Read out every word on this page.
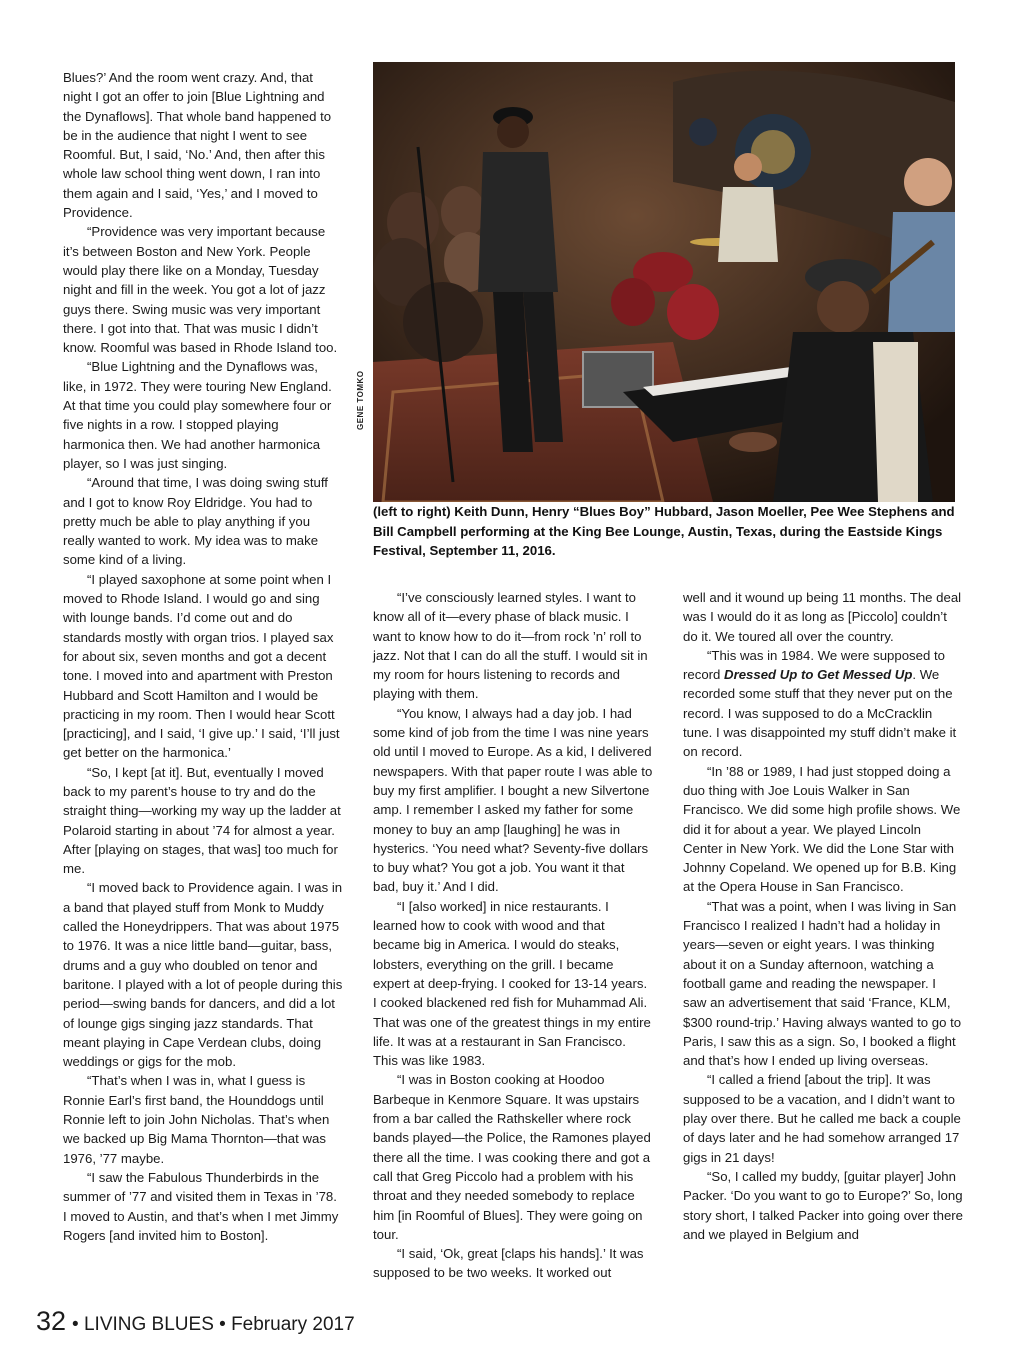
Blues?’ And the room went crazy. And, that night I got an offer to join [Blue Lightning and the Dynaflows]. That whole band happened to be in the audience that night I went to see Roomful. But, I said, ‘No.’ And, then after this whole law school thing went down, I ran into them again and I said, ‘Yes,’ and I moved to Providence.

“Providence was very important because it’s between Boston and New York. People would play there like on a Monday, Tuesday night and fill in the week. You got a lot of jazz guys there. Swing music was very important there. I got into that. That was music I didn’t know. Roomful was based in Rhode Island too.

“Blue Lightning and the Dynaflows was, like, in 1972. They were touring New England. At that time you could play somewhere four or five nights in a row. I stopped playing harmonica then. We had another harmonica player, so I was just singing.

“Around that time, I was doing swing stuff and I got to know Roy Eldridge. You had to pretty much be able to play anything if you really wanted to work. My idea was to make some kind of a living.

“I played saxophone at some point when I moved to Rhode Island. I would go and sing with lounge bands. I’d come out and do standards mostly with organ trios. I played sax for about six, seven months and got a decent tone. I moved into and apartment with Preston Hubbard and Scott Hamilton and I would be practicing in my room. Then I would hear Scott [practicing], and I said, ‘I give up.’ I said, ‘I’ll just get better on the harmonica.’

“So, I kept [at it]. But, eventually I moved back to my parent’s house to try and do the straight thing—working my way up the ladder at Polaroid starting in about ’74 for almost a year. After [playing on stages, that was] too much for me.

“I moved back to Providence again. I was in a band that played stuff from Monk to Muddy called the Honeydrippers. That was about 1975 to 1976. It was a nice little band—guitar, bass, drums and a guy who doubled on tenor and baritone. I played with a lot of people during this period—swing bands for dancers, and did a lot of lounge gigs singing jazz standards. That meant playing in Cape Verdean clubs, doing weddings or gigs for the mob.

“That’s when I was in, what I guess is Ronnie Earl’s first band, the Hounddogs until Ronnie left to join John Nicholas. That’s when we backed up Big Mama Thornton—that was 1976, ’77 maybe.

“I saw the Fabulous Thunderbirds in the summer of ’77 and visited them in Texas in ’78. I moved to Austin, and that’s when I met Jimmy Rogers [and invited him to Boston].

GENE TOMKO
(left to right) Keith Dunn, Henry “Blues Boy” Hubbard, Jason Moeller, Pee Wee Stephens and Bill Campbell performing at the King Bee Lounge, Austin, Texas, during the Eastside Kings Festival, September 11, 2016.

“I’ve consciously learned styles. I want to know all of it—every phase of black music. I want to know how to do it—from rock ’n’ roll to jazz. Not that I can do all the stuff. I would sit in my room for hours listening to records and playing with them.

“You know, I always had a day job. I had some kind of job from the time I was nine years old until I moved to Europe. As a kid, I delivered newspapers. With that paper route I was able to buy my first amplifier. I bought a new Silvertone amp. I remember I asked my father for some money to buy an amp [laughing] he was in hysterics. ‘You need what? Seventy-five dollars to buy what? You got a job. You want it that bad, buy it.’ And I did.

“I [also worked] in nice restaurants. I learned how to cook with wood and that became big in America. I would do steaks, lobsters, everything on the grill. I became expert at deep-frying. I cooked for 13-14 years. I cooked blackened red fish for Muhammad Ali. That was one of the greatest things in my entire life. It was at a restaurant in San Francisco. This was like 1983.

“I was in Boston cooking at Hoodoo Barbeque in Kenmore Square. It was upstairs from a bar called the Rathskeller where rock bands played—the Police, the Ramones played there all the time. I was cooking there and got a call that Greg Piccolo had a problem with his throat and they needed somebody to replace him [in Roomful of Blues]. They were going on tour.

“I said, ‘Ok, great [claps his hands].’ It was supposed to be two weeks. It worked out

well and it wound up being 11 months. The deal was I would do it as long as [Piccolo] couldn’t do it. We toured all over the country.

“This was in 1984. We were supposed to record Dressed Up to Get Messed Up. We recorded some stuff that they never put on the record. I was supposed to do a McCracklin tune. I was disappointed my stuff didn’t make it on record.

“In ’88 or 1989, I had just stopped doing a duo thing with Joe Louis Walker in San Francisco. We did some high profile shows. We did it for about a year. We played Lincoln Center in New York. We did the Lone Star with Johnny Copeland. We opened up for B.B. King at the Opera House in San Francisco.

“That was a point, when I was living in San Francisco I realized I hadn’t had a holiday in years—seven or eight years. I was thinking about it on a Sunday afternoon, watching a football game and reading the newspaper. I saw an advertisement that said ‘France, KLM, $300 round-trip.’ Having always wanted to go to Paris, I saw this as a sign. So, I booked a flight and that’s how I ended up living overseas.

“I called a friend [about the trip]. It was supposed to be a vacation, and I didn’t want to play over there. But he called me back a couple of days later and he had somehow arranged 17 gigs in 21 days!

“So, I called my buddy, [guitar player] John Packer. ‘Do you want to go to Europe?’ So, long story short, I talked Packer into going over there and we played in Belgium and

32 • LIVING BLUES • February 2017
